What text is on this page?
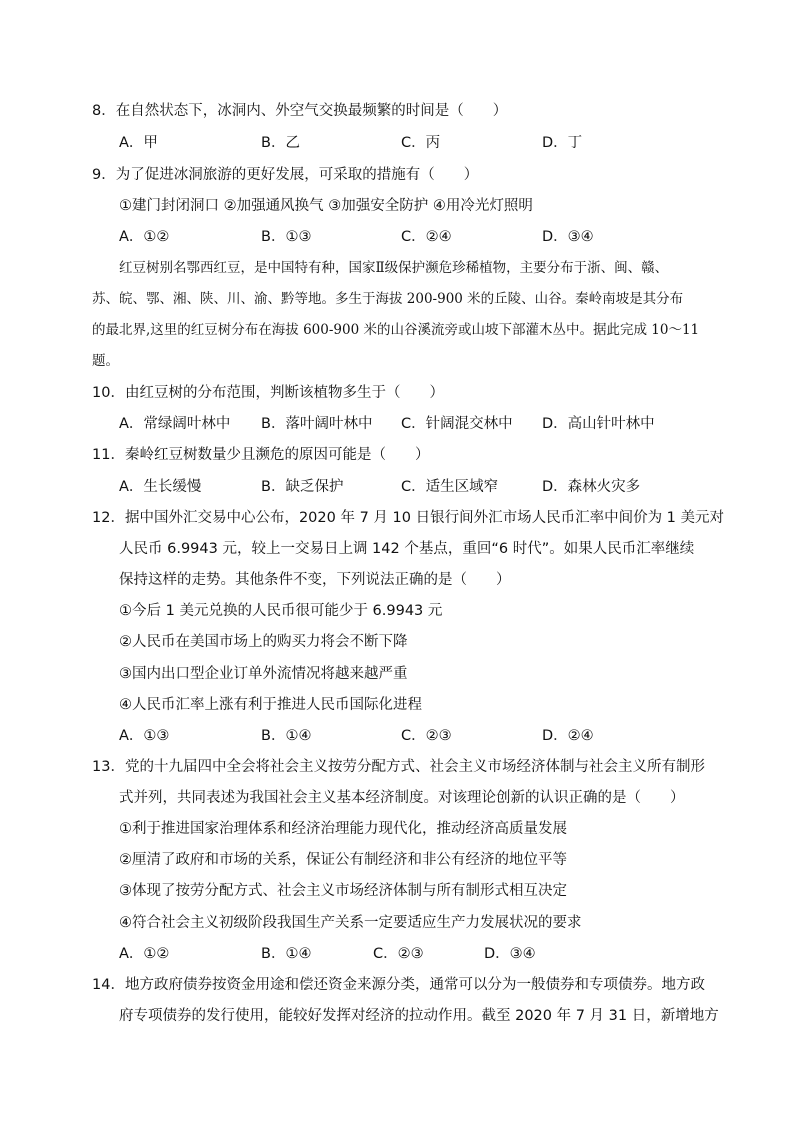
8．在自然状态下，冰洞内、外空气交换最频繁的时间是（　　）
A．甲	B．乙	C．丙	D．丁
9．为了促进冰洞旅游的更好发展，可采取的措施有（　　）
①建门封闭洞口 ②加强通风换气 ③加强安全防护 ④用冷光灯照明
A．①②	B．①③	C．②④	D．③④
红豆树别名鄂西红豆，是中国特有种，国家Ⅱ级保护濒危珍稀植物，主要分布于浙、闽、赣、
苏、皖、鄂、湘、陕、川、渝、黔等地。多生于海拔 200-900 米的丘陵、山谷。秦岭南坡是其分布
的最北界,这里的红豆树分布在海拔 600-900 米的山谷溪流旁或山坡下部灌木丛中。据此完成 10～11
题。
10．由红豆树的分布范围，判断该植物多生于（　　）
A．常绿阔叶林中 B．落叶阔叶林中 C．针阔混交林中 D．高山针叶林中
11．秦岭红豆树数量少且濒危的原因可能是（　　）
A．生长缓慢	B．缺乏保护	C．适生区域窄	D．森林火灾多
12．据中国外汇交易中心公布，2020 年 7 月 10 日银行间外汇市场人民币汇率中间价为 1 美元对
人民币 6.9943 元，较上一交易日上调 142 个基点，重回“6 时代”。如果人民币汇率继续
保持这样的走势。其他条件不变，下列说法正确的是（　　）
①今后 1 美元兑换的人民币很可能少于 6.9943 元
②人民币在美国市场上的购买力将会不断下降
③国内出口型企业订单外流情况将越来越严重
④人民币汇率上涨有利于推进人民币国际化进程
A．①③	B．①④	C．②③	D．②④
13．党的十九届四中全会将社会主义按劳分配方式、社会主义市场经济体制与社会主义所有制形
式并列，共同表述为我国社会主义基本经济制度。对该理论创新的认识正确的是（　　）
①利于推进国家治理体系和经济治理能力现代化，推动经济高质量发展
②厘清了政府和市场的关系，保证公有制经济和非公有经济的地位平等
③体现了按劳分配方式、社会主义市场经济体制与所有制形式相互决定
④符合社会主义初级阶段我国生产关系一定要适应生产力发展状况的要求
A．①②	B．①④	C．②③	D．③④
14．地方政府债券按资金用途和偿还资金来源分类，通常可以分为一般债券和专项债券。地方政
府专项债券的发行使用，能较好发挥对经济的拉动作用。截至 2020 年 7 月 31 日，新增地方
